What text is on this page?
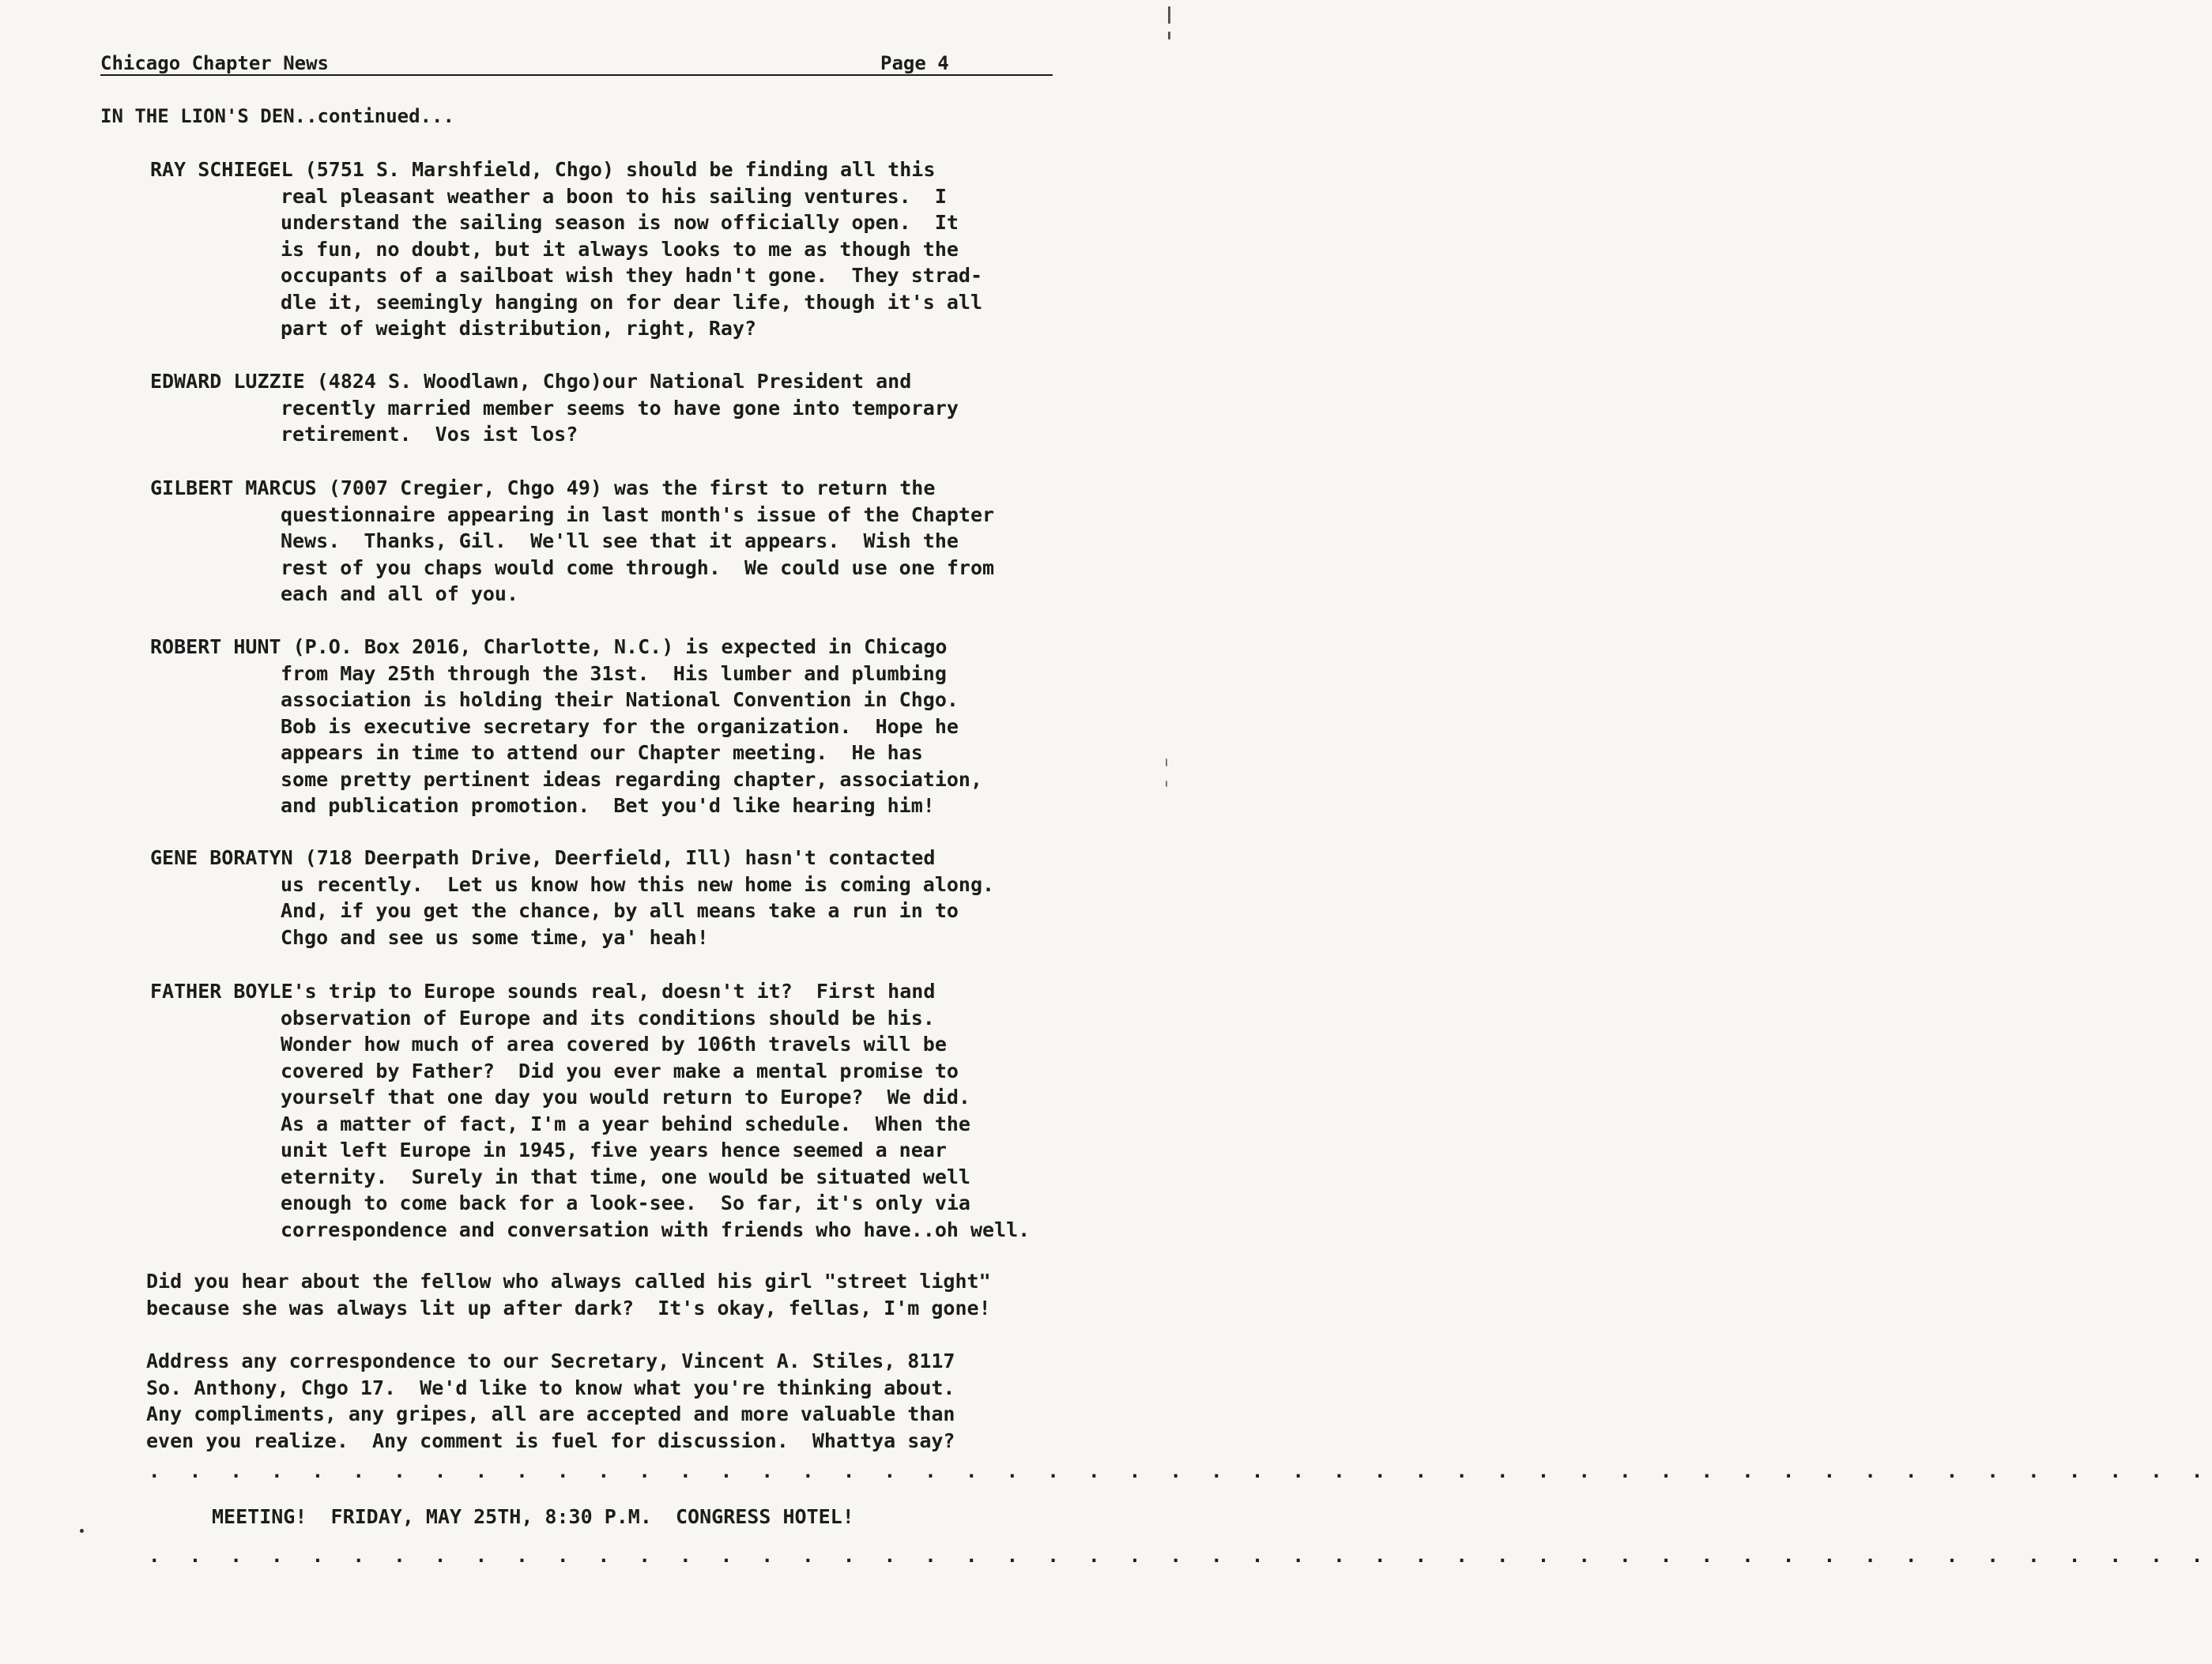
Chicago Chapter News	Page 4
IN THE LION'S DEN..continued...
RAY SCHIEGEL (5751 S. Marshfield, Chgo) should be finding all this
real pleasant weather a boon to his sailing ventures.  I
understand the sailing season is now officially open.  It
is fun, no doubt, but it always looks to me as though the
occupants of a sailboat wish they hadn't gone.  They strad-
dle it, seemingly hanging on for dear life, though it's all
part of weight distribution, right, Ray?
EDWARD LUZZIE (4824 S. Woodlawn, Chgo)our National President and
recently married member seems to have gone into temporary
retirement.  Vos ist los?
GILBERT MARCUS (7007 Cregier, Chgo 49) was the first to return the
questionnaire appearing in last month's issue of the Chapter
News.  Thanks, Gil.  We'll see that it appears.  Wish the
rest of you chaps would come through.  We could use one from
each and all of you.
ROBERT HUNT (P.O. Box 2016, Charlotte, N.C.) is expected in Chicago
from May 25th through the 31st.  His lumber and plumbing
association is holding their National Convention in Chgo.
Bob is executive secretary for the organization.  Hope he
appears in time to attend our Chapter meeting.  He has
some pretty pertinent ideas regarding chapter, association,
and publication promotion.  Bet you'd like hearing him!
GENE BORATYN (718 Deerpath Drive, Deerfield, Ill) hasn't contacted
us recently.  Let us know how this new home is coming along.
And, if you get the chance, by all means take a run in to
Chgo and see us some time, ya' heah!
FATHER BOYLE's trip to Europe sounds real, doesn't it?  First hand
observation of Europe and its conditions should be his.
Wonder how much of area covered by 106th travels will be
covered by Father?  Did you ever make a mental promise to
yourself that one day you would return to Europe?  We did.
As a matter of fact, I'm a year behind schedule.  When the
unit left Europe in 1945, five years hence seemed a near
eternity.  Surely in that time, one would be situated well
enough to come back for a look-see.  So far, it's only via
correspondence and conversation with friends who have..oh well.
Did you hear about the fellow who always called his girl "street light"
because she was always lit up after dark?  It's okay, fellas, I'm gone!
Address any correspondence to our Secretary, Vincent A. Stiles, 8117
So. Anthony, Chgo 17.  We'd like to know what you're thinking about.
Any compliments, any gripes, all are accepted and more valuable than
even you realize.  Any comment is fuel for discussion.  Whattya say?
. . . . . . . . . . . . . . . . . . . . . . . . . . . . . . . . . . . . . . . . . . . . . . . . . . .
MEETING!  FRIDAY, MAY 25TH, 8:30 P.M.  CONGRESS HOTEL!
. . . . . . . . . . . . . . . . . . . . . . . . . . . . . . . . . . . . . . . . . . . . . . . . . . .
